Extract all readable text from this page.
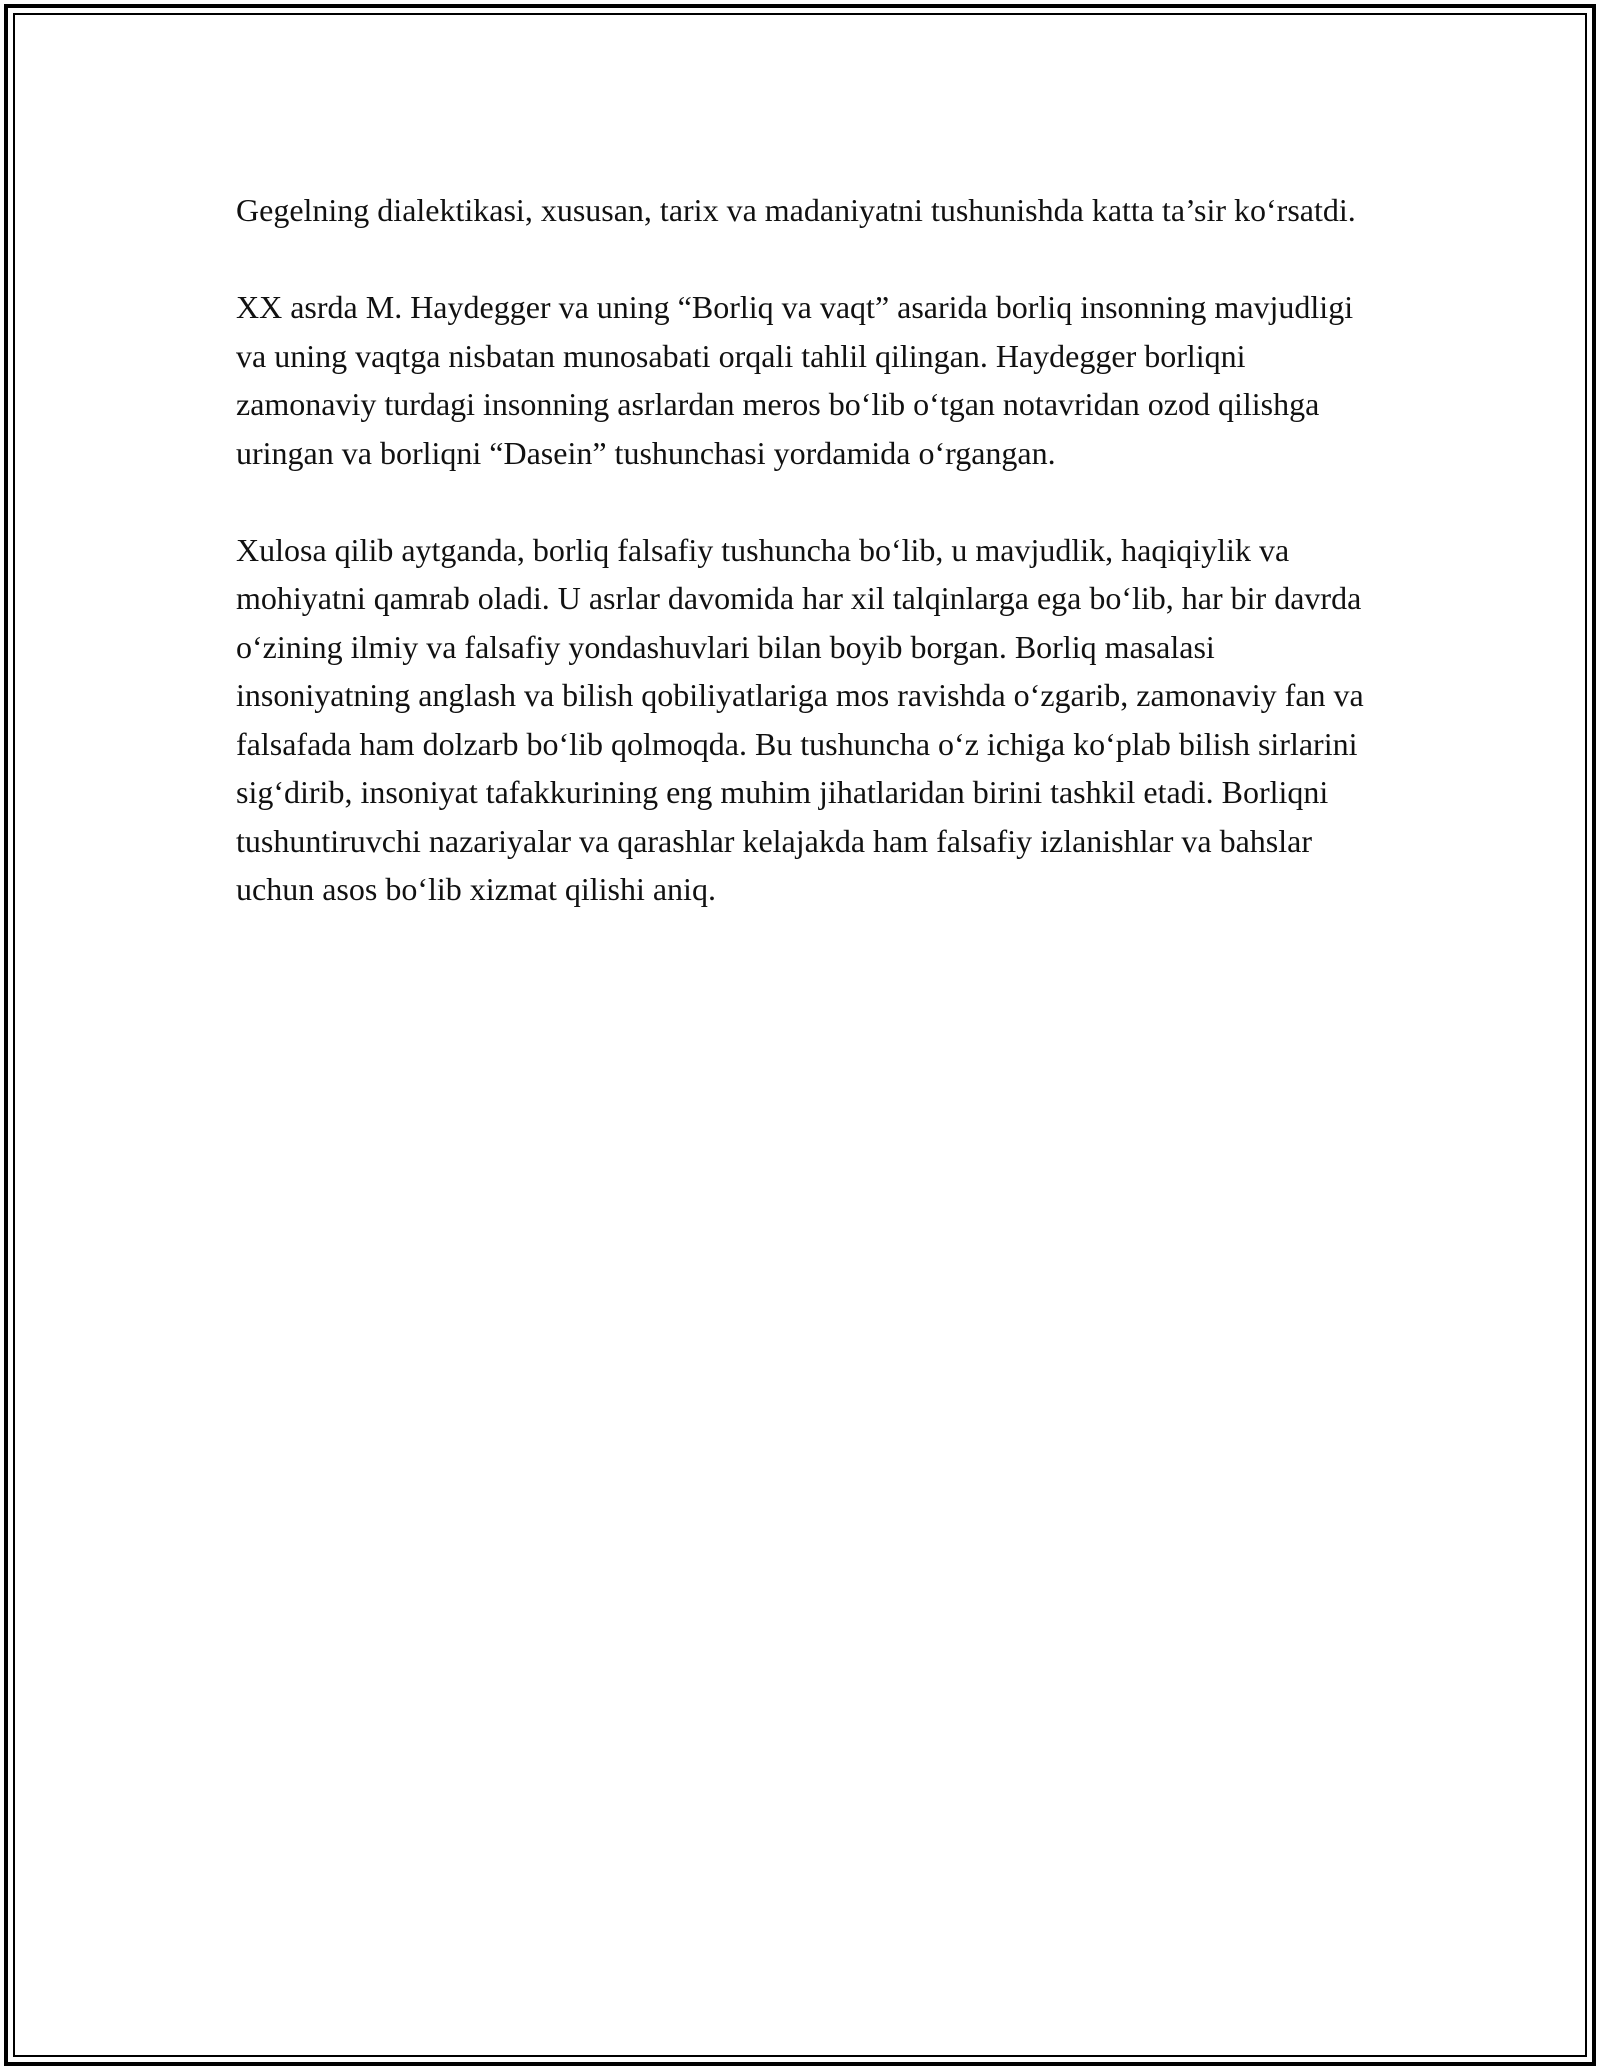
Gegelning dialektikasi, xususan, tarix va madaniyatni tushunishda katta ta’sir ko‘rsatdi.

XX asrda M. Haydegger va uning “Borliq va vaqt” asarida borliq insonning mavjudligi va uning vaqtga nisbatan munosabati orqali tahlil qilingan. Haydegger borliqni zamonaviy turdagi insonning asrlardan meros bo‘lib o‘tgan notavridan ozod qilishga uringan va borliqni “Dasein” tushunchasi yordamida o‘rgangan.

Xulosa qilib aytganda, borliq falsafiy tushuncha bo‘lib, u mavjudlik, haqiqiylik va mohiyatni qamrab oladi. U asrlar davomida har xil talqinlarga ega bo‘lib, har bir davrda o‘zining ilmiy va falsafiy yondashuvlari bilan boyib borgan. Borliq masalasi insoniyatning anglash va bilish qobiliyatlariga mos ravishda o‘zgarib, zamonaviy fan va falsafada ham dolzarb bo‘lib qolmoqda. Bu tushuncha o‘z ichiga ko‘plab bilish sirlarini sig‘dirib, insoniyat tafakkurining eng muhim jihatlaridan birini tashkil etadi. Borliqni tushuntiruvchi nazariyalar va qarashlar kelajakda ham falsafiy izlanishlar va bahslar uchun asos bo‘lib xizmat qilishi aniq.
